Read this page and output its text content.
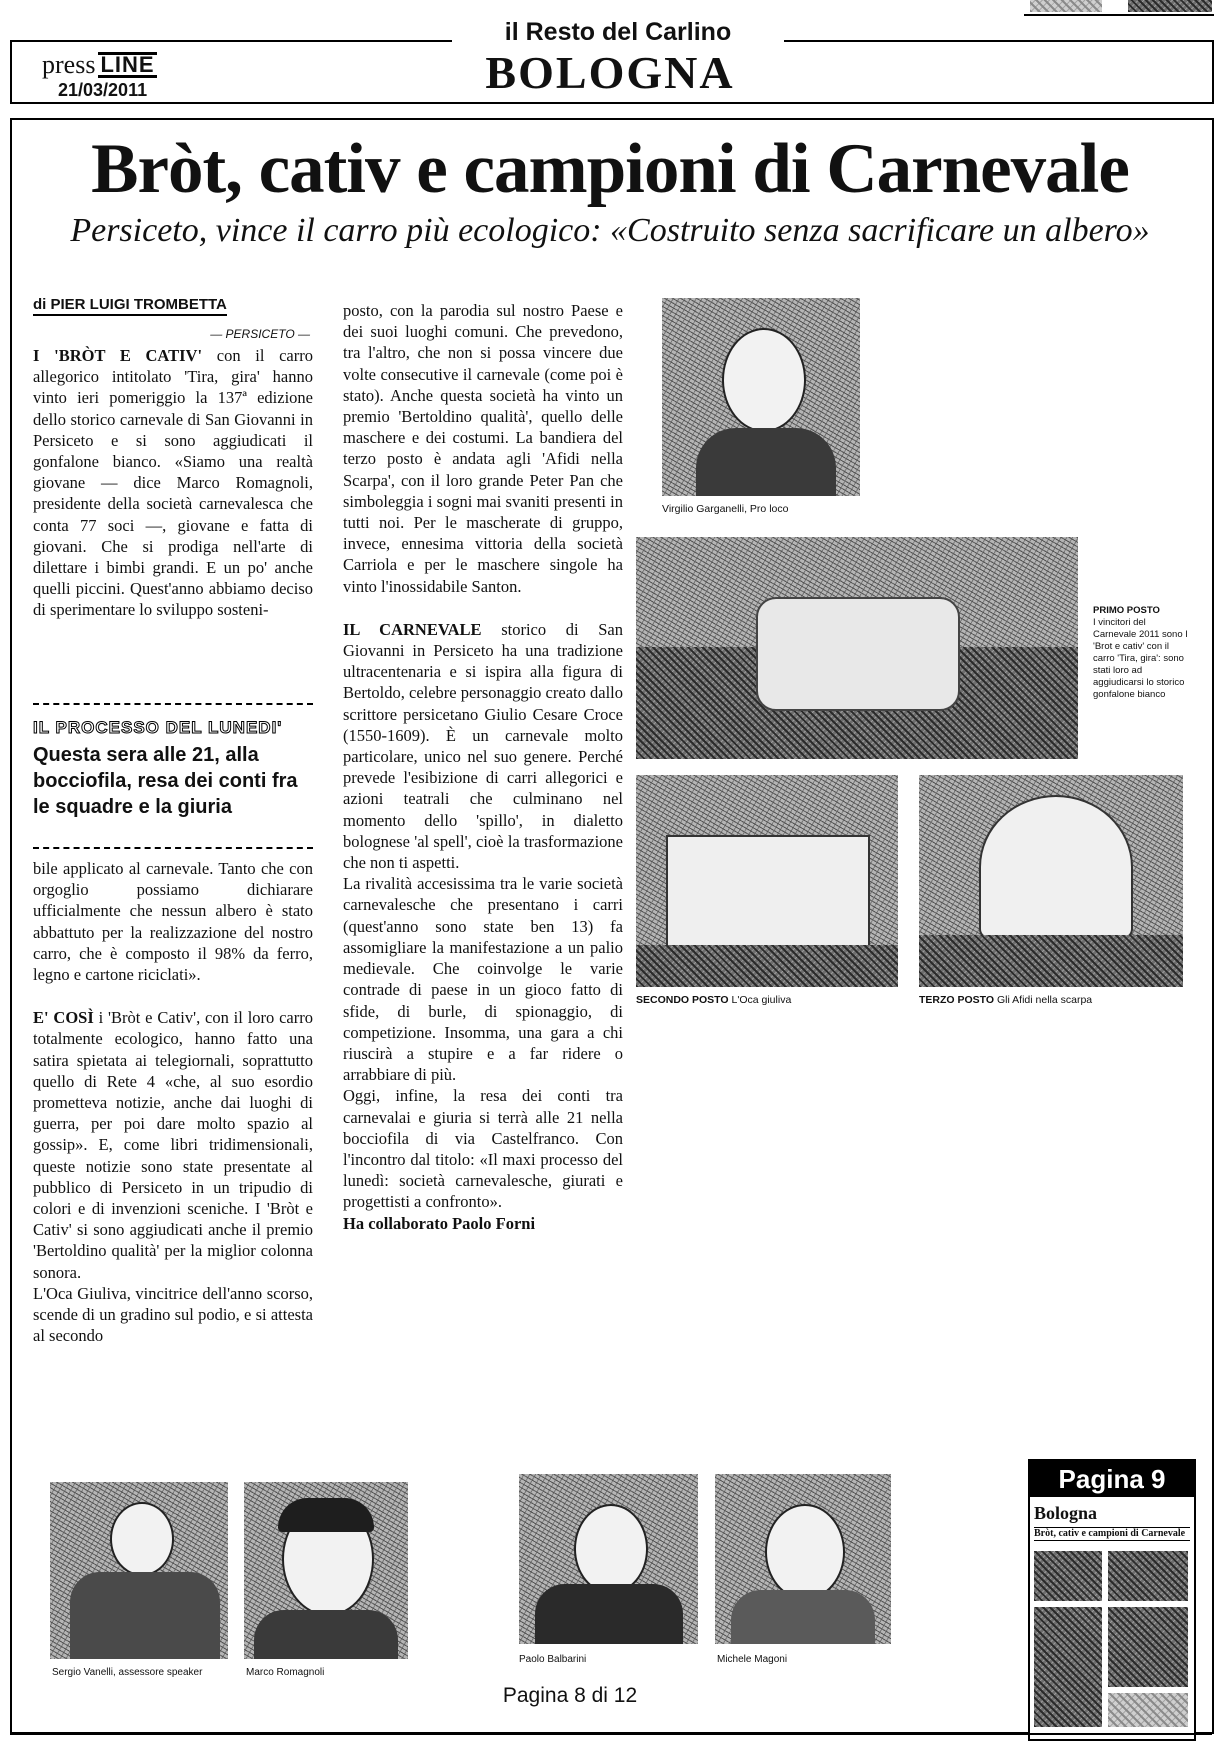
press LINE
21/03/2011
il Resto del Carlino
BOLOGNA
Bròt, cativ e campioni di Carnevale
Persiceto, vince il carro più ecologico: «Costruito senza sacrificare un albero»
di PIER LUIGI TROMBETTA
— PERSICETO —

I 'BRÒT E CATIV' con il carro allegorico intitolato 'Tira, gira' hanno vinto ieri pomeriggio la 137ª edizione dello storico carnevale di San Giovanni in Persiceto e si sono aggiudicati il gonfalone bianco. «Siamo una realtà giovane — dice Marco Romagnoli, presidente della società carnevalesca che conta 77 soci —, giovane e fatta di giovani. Che si prodiga nell'arte di dilettare i bimbi grandi. E un po' anche quelli piccini. Quest'anno abbiamo deciso di sperimentare lo sviluppo sosteni-

IL PROCESSO DEL LUNEDI'
Questa sera alle 21, alla bocciofila, resa dei conti fra le squadre e la giuria

bile applicato al carnevale. Tanto che con orgoglio possiamo dichiarare ufficialmente che nessun albero è stato abbattuto per la realizzazione del nostro carro, che è composto il 98% da ferro, legno e cartone riciclati».

E' COSÌ i 'Bròt e Cativ', con il loro carro totalmente ecologico, hanno fatto una satira spietata ai telegiornali, soprattutto quello di Rete 4 «che, al suo esordio prometteva notizie, anche dai luoghi di guerra, per poi dare molto spazio al gossip». E, come libri tridimensionali, queste notizie sono state presentate al pubblico di Persiceto in un tripudio di colori e di invenzioni sceniche. I 'Bròt e Cativ' si sono aggiudicati anche il premio 'Bertoldino qualità' per la miglior colonna sonora.

L'Oca Giuliva, vincitrice dell'anno scorso, scende di un gradino sul podio, e si attesta al secondo

posto, con la parodia sul nostro Paese e dei suoi luoghi comuni. Che prevedono, tra l'altro, che non si possa vincere due volte consecutive il carnevale (come poi è stato). Anche questa società ha vinto un premio 'Bertoldino qualità', quello delle maschere e dei costumi. La bandiera del terzo posto è andata agli 'Afidi nella Scarpa', con il loro grande Peter Pan che simboleggia i sogni mai svaniti presenti in tutti noi. Per le mascherate di gruppo, invece, ennesima vittoria della società Carriola e per le maschere singole ha vinto l'inossidabile Santon.

IL CARNEVALE storico di San Giovanni in Persiceto ha una tradizione ultracentenaria e si ispira alla figura di Bertoldo, celebre personaggio creato dallo scrittore persicetano Giulio Cesare Croce (1550-1609). È un carnevale molto particolare, unico nel suo genere. Perché prevede l'esibizione di carri allegorici e azioni teatrali che culminano nel momento dello 'spillo', in dialetto bolognese 'al spell', cioè la trasformazione che non ti aspetti.

La rivalità accesissima tra le varie società carnevalesche che presentano i carri (quest'anno sono state ben 13) fa assomigliare la manifestazione a un palio medievale. Che coinvolge le varie contrade di paese in un gioco fatto di sfide, di burle, di spionaggio, di competizione. Insomma, una gara a chi riuscirà a stupire e a far ridere o arrabbiare di più.

Oggi, infine, la resa dei conti tra carnevalai e giuria si terrà alle 21 nella bocciofila di via Castelfranco. Con l'incontro dal titolo: «Il maxi processo del lunedì: società carnevalesche, giurati e progettisti a confronto».

Ha collaborato Paolo Forni

Virgilio Garganelli, Pro loco
PRIMO POSTO
I vincitori del Carnevale 2011 sono I 'Brot e cativ' con il carro 'Tira, gira': sono stati loro ad aggiudicarsi lo storico gonfalone bianco
SECONDO POSTO L'Oca giuliva	TERZO POSTO Gli Afidi nella scarpa
Sergio Vanelli, assessore speaker	Marco Romagnoli
Paolo Balbarini	Michele Magoni
Pagina 9
Bologna
Bròt, cativ e campioni di Carnevale
Pagina 8 di 12
